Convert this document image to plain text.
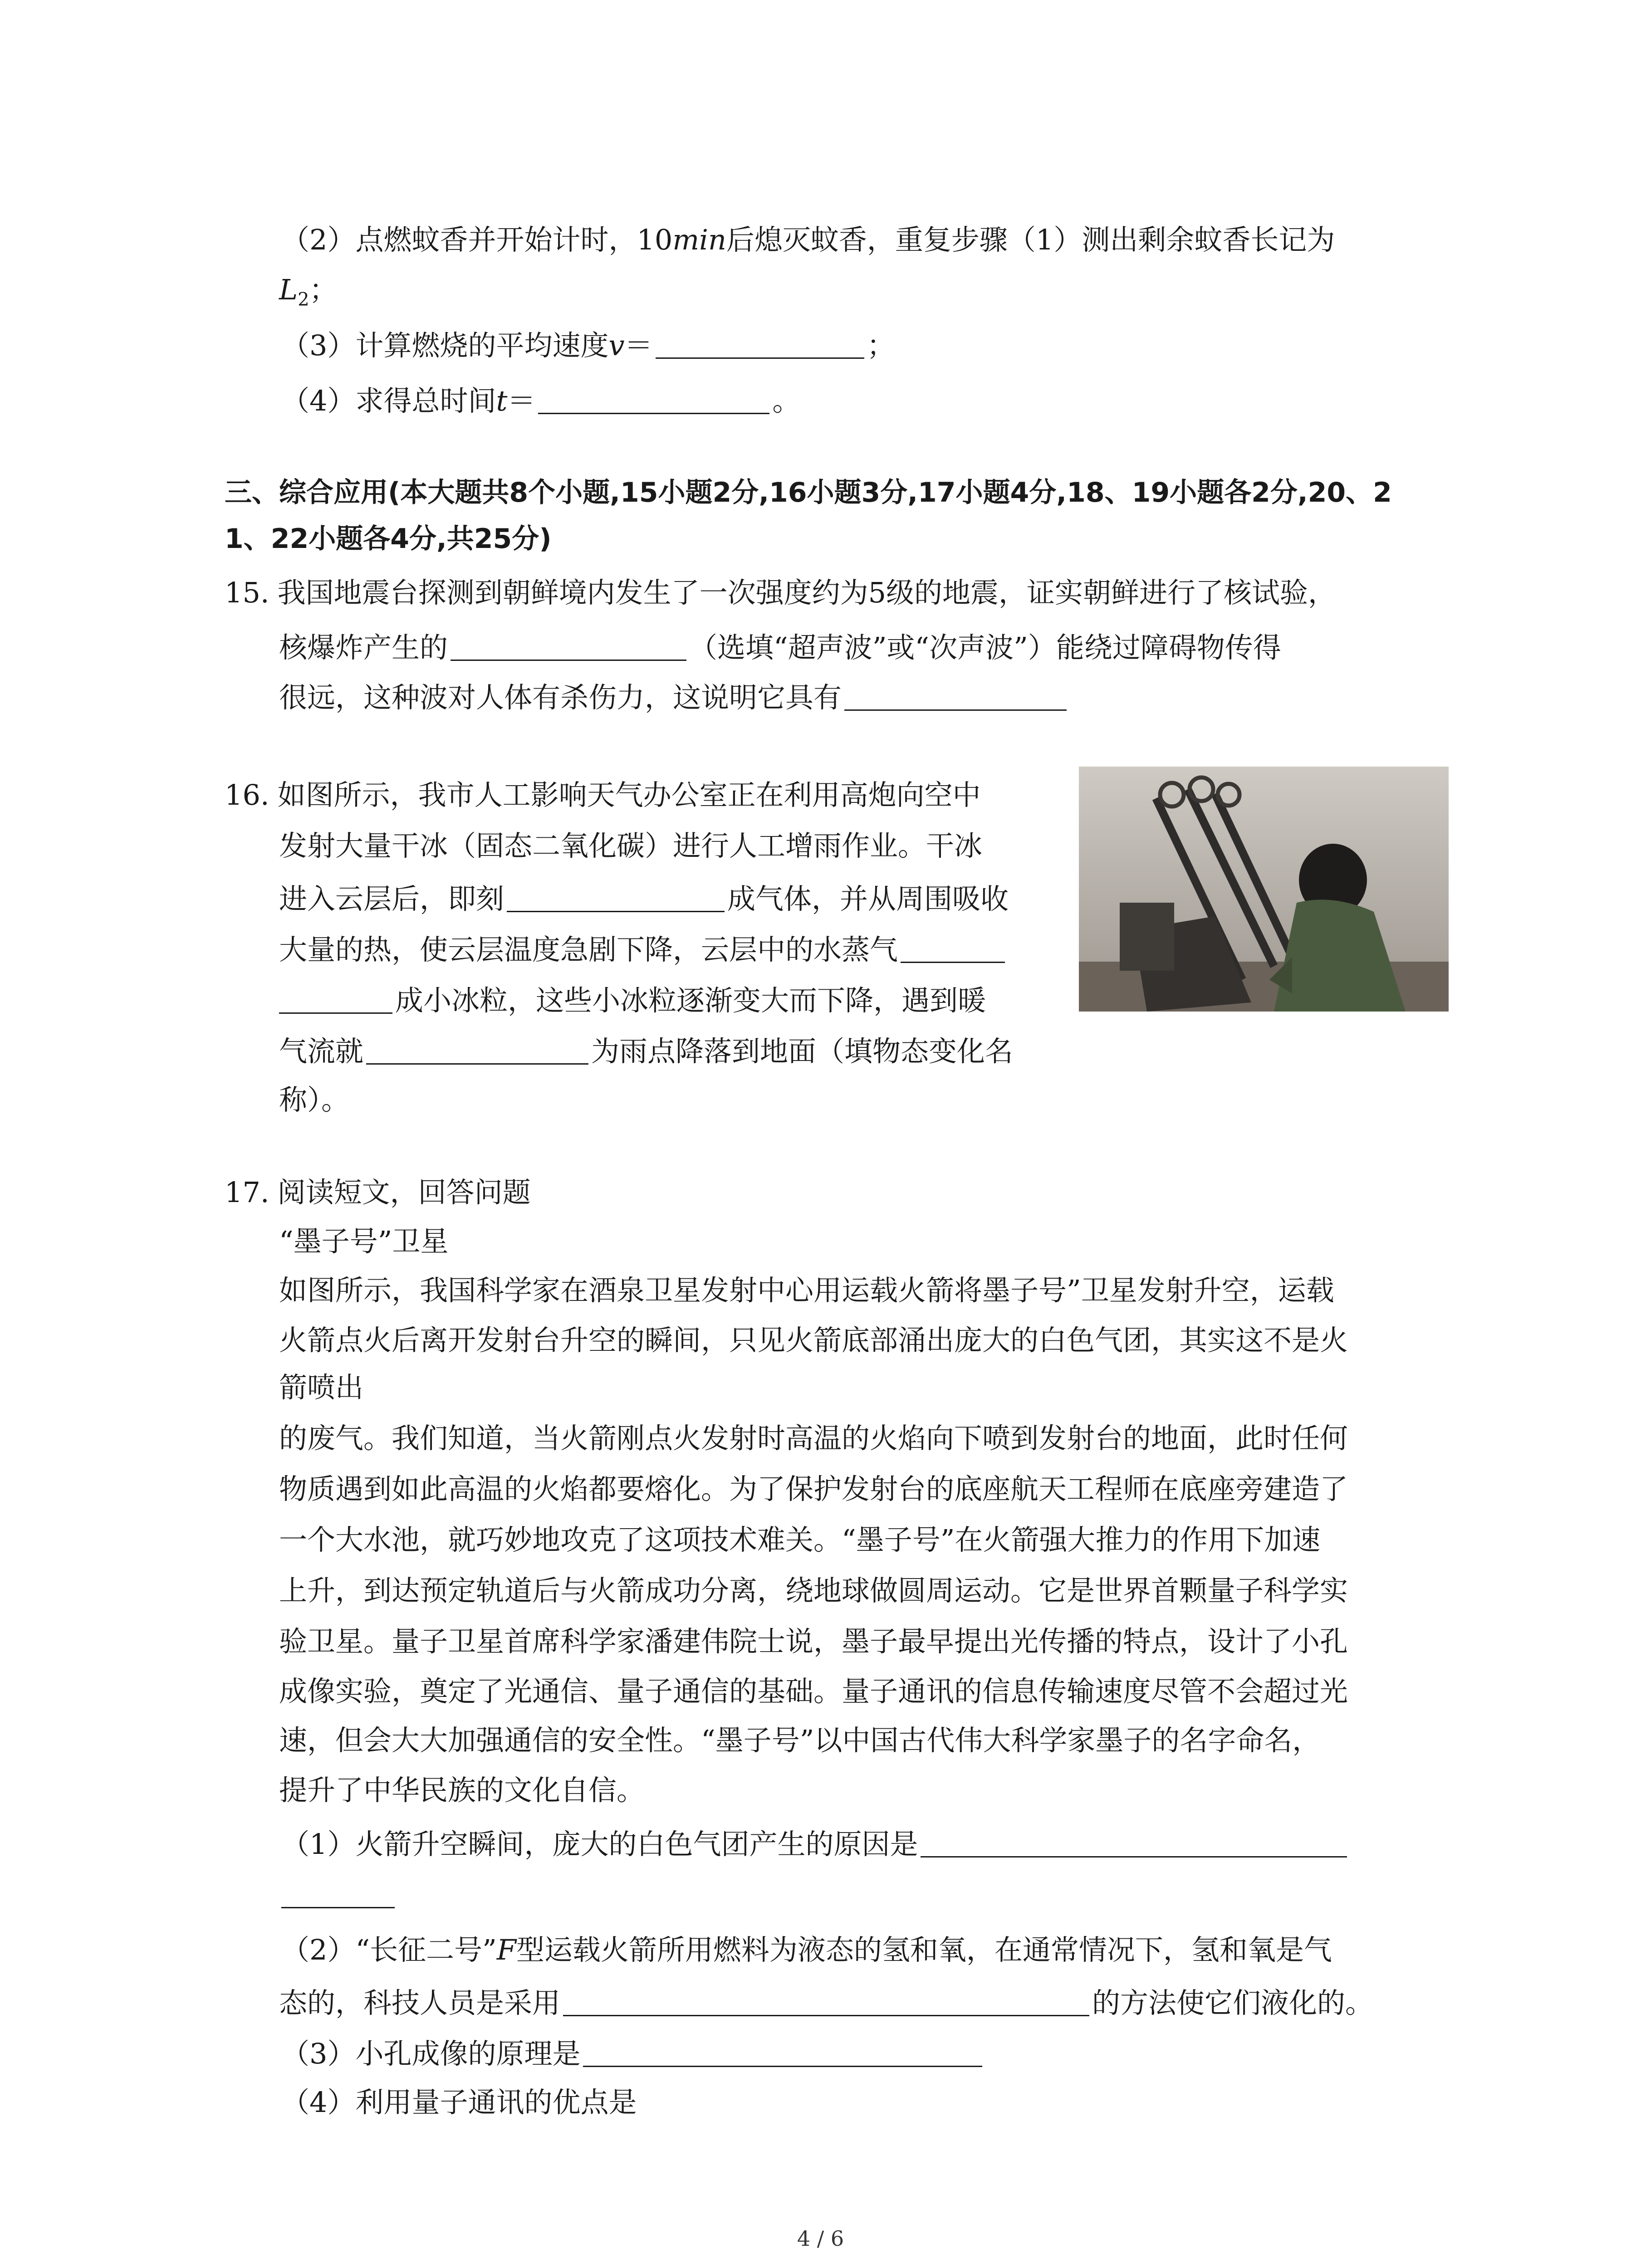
（2）点燃蚊香并开始计时，10min后熄灭蚊香，重复步骤（1）测出剩余蚊香长记为
$L_2$；
（3）计算燃烧的平均速度v＝	；
（4）求得总时间t＝	。
三、综合应用(本大题共8个小题,15小题2分,16小题3分,17小题4分,18、19小题各2分,20、2
1、22小题各4分,共25分)
15. 我国地震台探测到朝鲜境内发生了一次强度约为5级的地震，证实朝鲜进行了核试验，
核爆炸产生的	（选填“超声波”或“次声波”）能绕过障碍物传得
很远，这种波对人体有杀伤力，这说明它具有
16. 如图所示，我市人工影响天气办公室正在利用高炮向空中
发射大量干冰（固态二氧化碳）进行人工增雨作业。干冰
进入云层后，即刻	成气体，并从周围吸收
大量的热，使云层温度急剧下降，云层中的水蒸气
成小冰粒，这些小冰粒逐渐变大而下降，遇到暖
气流就	为雨点降落到地面（填物态变化名
称）。
17. 阅读短文，回答问题
“墨子号”卫星
如图所示，我国科学家在酒泉卫星发射中心用运载火箭将墨子号”卫星发射升空，运载
火箭点火后离开发射台升空的瞬间，只见火箭底部涌出庞大的白色气团，其实这不是火
箭喷出
的废气。我们知道，当火箭刚点火发射时高温的火焰向下喷到发射台的地面，此时任何
物质遇到如此高温的火焰都要熔化。为了保护发射台的底座航天工程师在底座旁建造了
一个大水池，就巧妙地攻克了这项技术难关。“墨子号”在火箭强大推力的作用下加速
上升，到达预定轨道后与火箭成功分离，绕地球做圆周运动。它是世界首颗量子科学实
验卫星。量子卫星首席科学家潘建伟院士说，墨子最早提出光传播的特点，设计了小孔
成像实验，奠定了光通信、量子通信的基础。量子通讯的信息传输速度尽管不会超过光
速，但会大大加强通信的安全性。“墨子号”以中国古代伟大科学家墨子的名字命名，
提升了中华民族的文化自信。
（1）火箭升空瞬间，庞大的白色气团产生的原因是
（2）“长征二号”F型运载火箭所用燃料为液态的氢和氧，在通常情况下，氢和氧是气
态的，科技人员是采用	的方法使它们液化的。
（3）小孔成像的原理是
（4）利用量子通讯的优点是
4 / 6
